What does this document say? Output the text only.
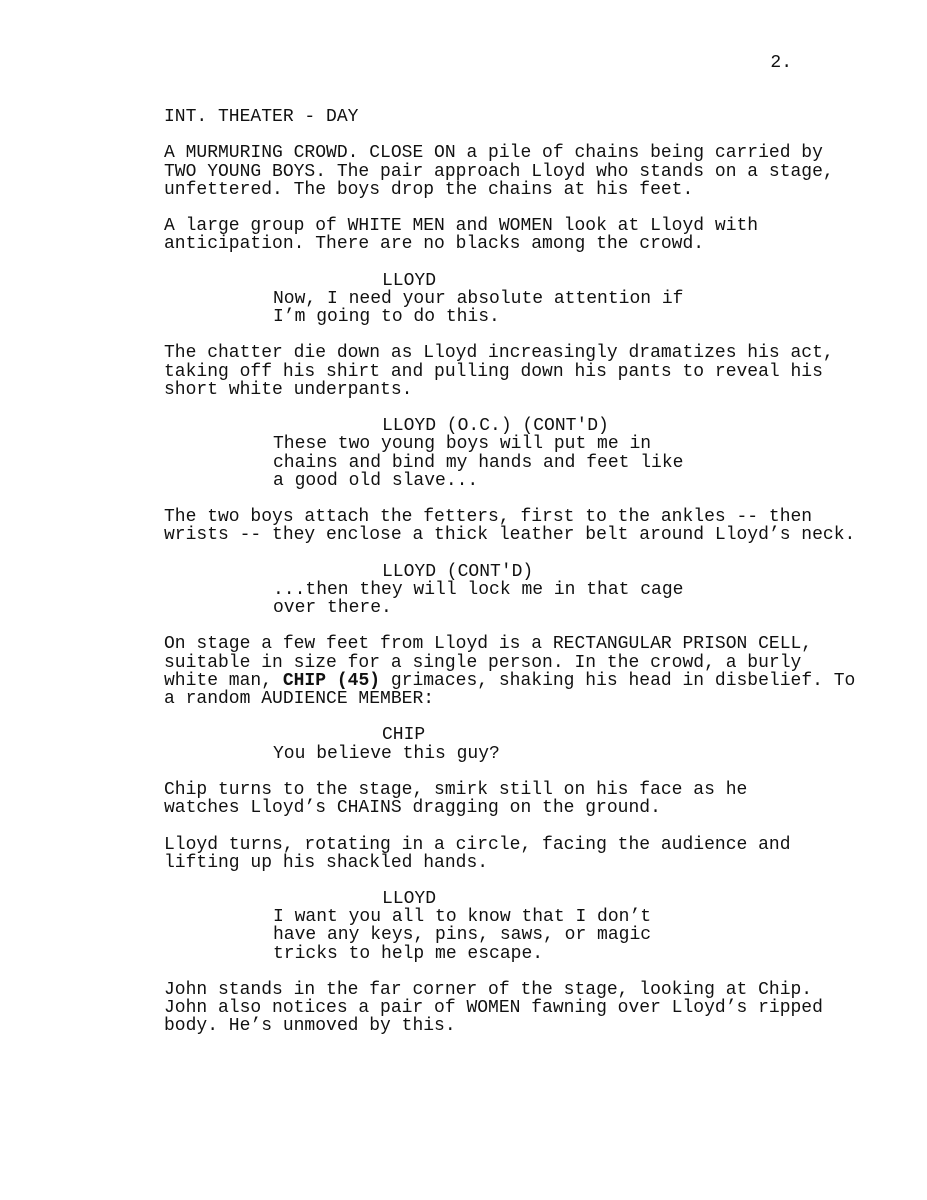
2.
INT. THEATER - DAY
A MURMURING CROWD. CLOSE ON a pile of chains being carried by
TWO YOUNG BOYS. The pair approach Lloyd who stands on a stage,
unfettered. The boys drop the chains at his feet.
A large group of WHITE MEN and WOMEN look at Lloyd with
anticipation. There are no blacks among the crowd.
LLOYD
Now, I need your absolute attention if
I’m going to do this.
The chatter die down as Lloyd increasingly dramatizes his act,
taking off his shirt and pulling down his pants to reveal his
short white underpants.
LLOYD (O.C.) (CONT'D)
These two young boys will put me in
chains and bind my hands and feet like
a good old slave...
The two boys attach the fetters, first to the ankles -- then
wrists -- they enclose a thick leather belt around Lloyd’s neck.
LLOYD (CONT'D)
...then they will lock me in that cage
over there.
On stage a few feet from Lloyd is a RECTANGULAR PRISON CELL,
suitable in size for a single person. In the crowd, a burly
white man, CHIP (45) grimaces, shaking his head in disbelief. To
a random AUDIENCE MEMBER:
CHIP
You believe this guy?
Chip turns to the stage, smirk still on his face as he
watches Lloyd’s CHAINS dragging on the ground.
Lloyd turns, rotating in a circle, facing the audience and
lifting up his shackled hands.
LLOYD
I want you all to know that I don’t
have any keys, pins, saws, or magic
tricks to help me escape.
John stands in the far corner of the stage, looking at Chip.
John also notices a pair of WOMEN fawning over Lloyd’s ripped
body. He’s unmoved by this.
